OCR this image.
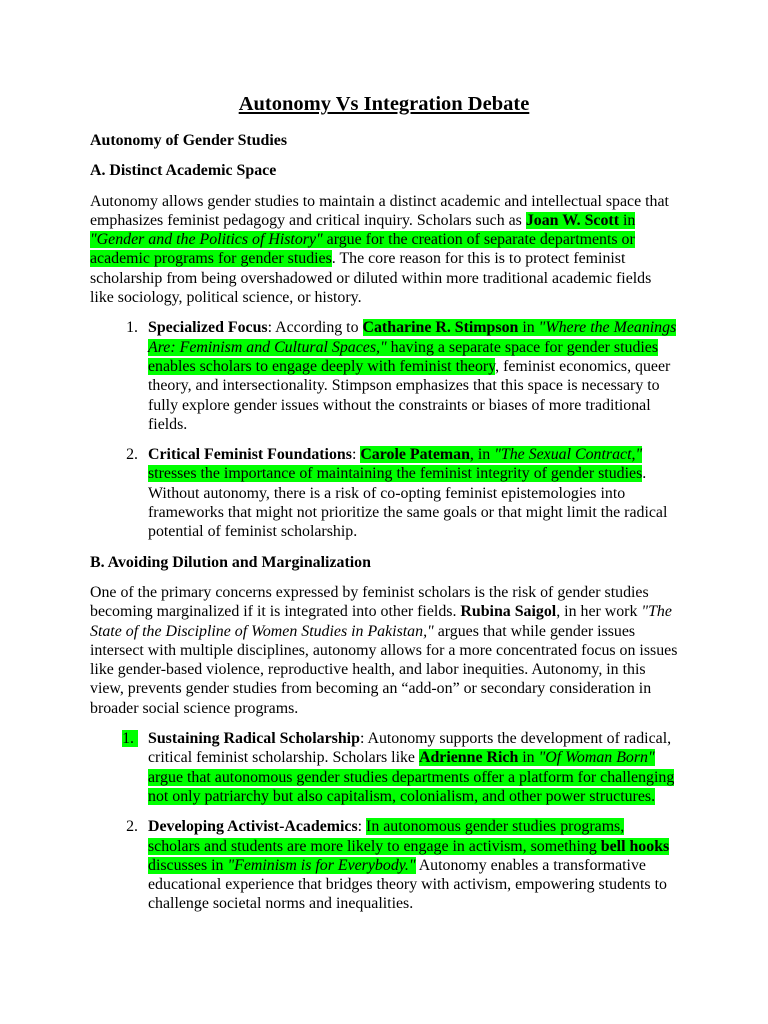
Autonomy Vs Integration Debate
Autonomy of Gender Studies
A. Distinct Academic Space

Autonomy allows gender studies to maintain a distinct academic and intellectual space that emphasizes feminist pedagogy and critical inquiry. Scholars such as Joan W. Scott in "Gender and the Politics of History" argue for the creation of separate departments or academic programs for gender studies. The core reason for this is to protect feminist scholarship from being overshadowed or diluted within more traditional academic fields like sociology, political science, or history.

1. Specialized Focus: According to Catharine R. Stimpson in "Where the Meanings Are: Feminism and Cultural Spaces," having a separate space for gender studies enables scholars to engage deeply with feminist theory, feminist economics, queer theory, and intersectionality. Stimpson emphasizes that this space is necessary to fully explore gender issues without the constraints or biases of more traditional fields.
2. Critical Feminist Foundations: Carole Pateman, in "The Sexual Contract," stresses the importance of maintaining the feminist integrity of gender studies. Without autonomy, there is a risk of co-opting feminist epistemologies into frameworks that might not prioritize the same goals or that might limit the radical potential of feminist scholarship.
B. Avoiding Dilution and Marginalization

One of the primary concerns expressed by feminist scholars is the risk of gender studies becoming marginalized if it is integrated into other fields. Rubina Saigol, in her work "The State of the Discipline of Women Studies in Pakistan," argues that while gender issues intersect with multiple disciplines, autonomy allows for a more concentrated focus on issues like gender-based violence, reproductive health, and labor inequities. Autonomy, in this view, prevents gender studies from becoming an “add-on” or secondary consideration in broader social science programs.

1. Sustaining Radical Scholarship: Autonomy supports the development of radical, critical feminist scholarship. Scholars like Adrienne Rich in "Of Woman Born" argue that autonomous gender studies departments offer a platform for challenging not only patriarchy but also capitalism, colonialism, and other power structures.
2. Developing Activist-Academics: In autonomous gender studies programs, scholars and students are more likely to engage in activism, something bell hooks discusses in "Feminism is for Everybody." Autonomy enables a transformative educational experience that bridges theory with activism, empowering students to challenge societal norms and inequalities.
